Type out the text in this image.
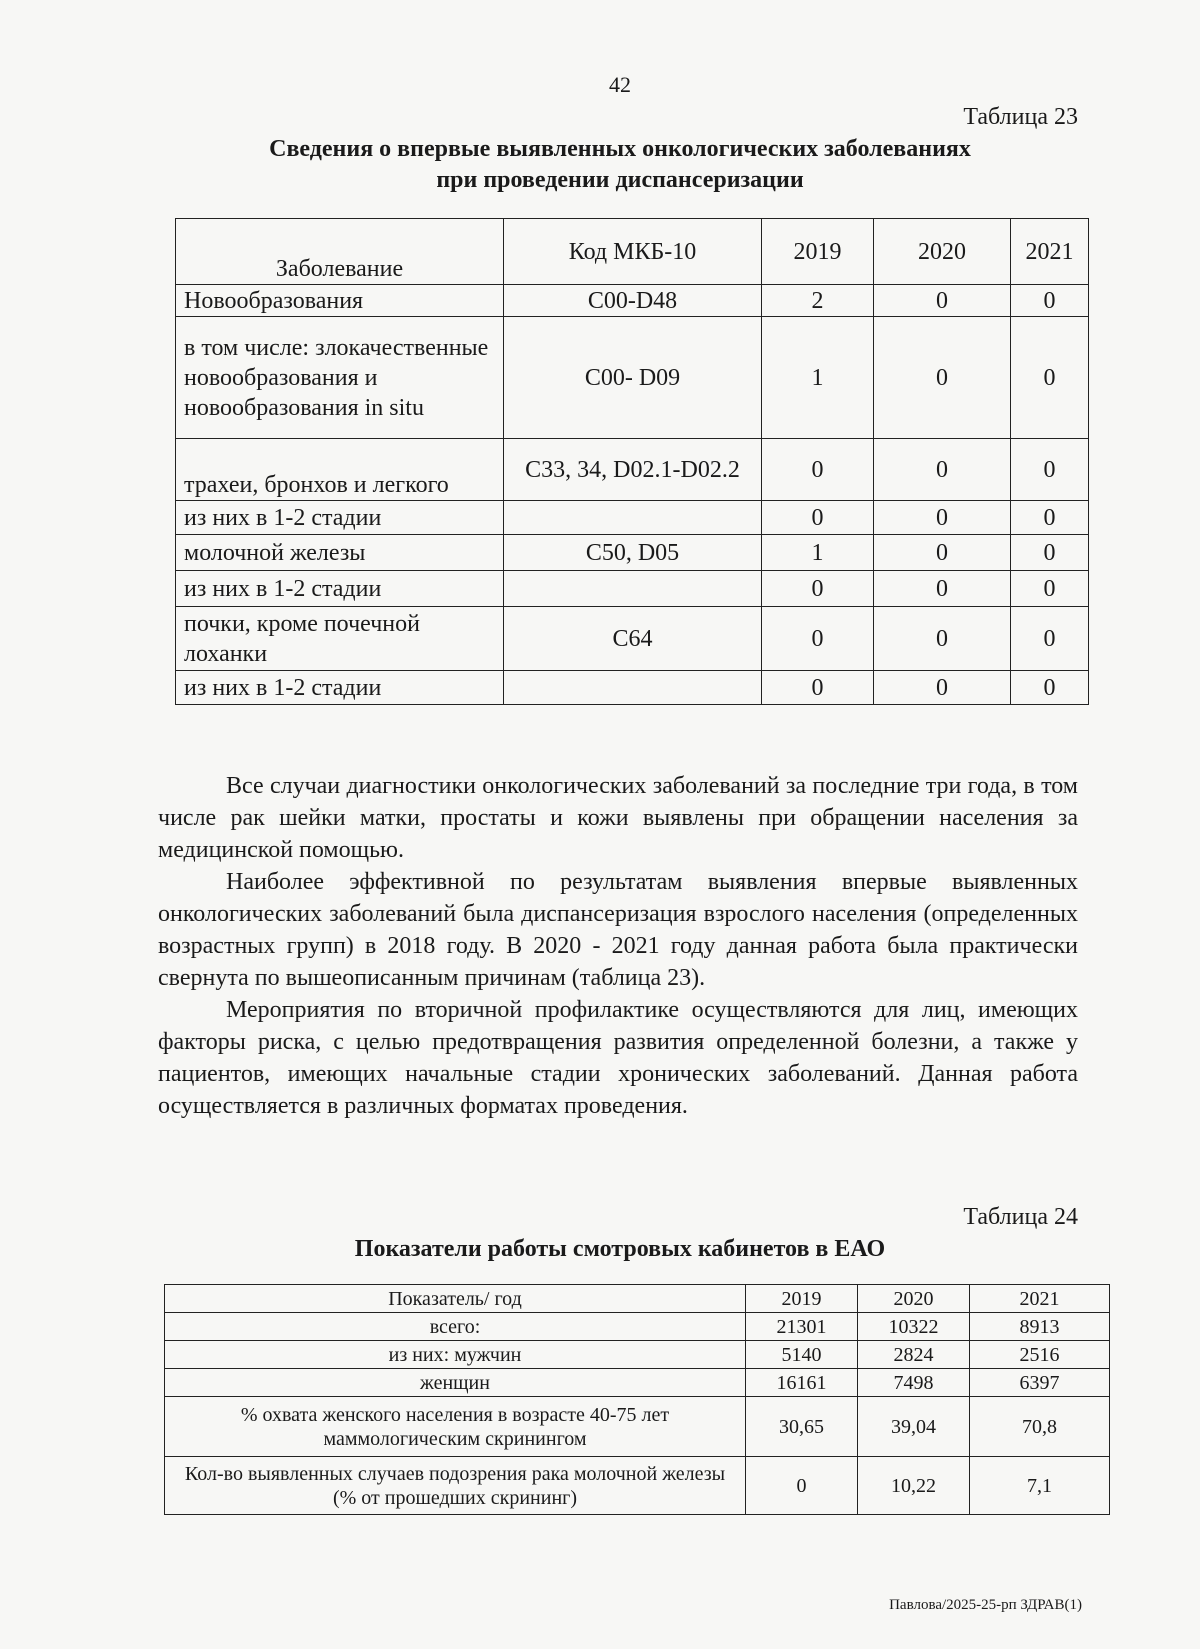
42
Таблица 23
Сведения о впервые выявленных онкологических заболеваниях
при проведении диспансеризации
Заболевание	Код МКБ-10	2019	2020	2021
Новообразования	С00-D48	2	0	0
в том числе: злокачественные новообразования и новообразования in situ	С00- D09	1	0	0
трахеи, бронхов и легкого	С33, 34, D02.1-D02.2	0	0	0
из них в 1-2 стадии		0	0	0
молочной железы	С50, D05	1	0	0
из них в 1-2 стадии		0	0	0
почки, кроме почечной лоханки	С64	0	0	0
из них в 1-2 стадии		0	0	0

Все случаи диагностики онкологических заболеваний за последние три года, в том числе рак шейки матки, простаты и кожи выявлены при обращении населения за медицинской помощью.

Наиболее эффективной по результатам выявления впервые выявленных онкологических заболеваний была диспансеризация взрослого населения (определенных возрастных групп) в 2018 году. В 2020 - 2021 году данная работа была практически свернута по вышеописанным причинам (таблица 23).

Мероприятия по вторичной профилактике осуществляются для лиц, имеющих факторы риска, с целью предотвращения развития определенной болезни, а также у пациентов, имеющих начальные стадии хронических заболеваний. Данная работа осуществляется в различных форматах проведения.

Таблица 24
Показатели работы смотровых кабинетов в ЕАО
Показатель/ год	2019	2020	2021
всего:	21301	10322	8913
из них: мужчин	5140	2824	2516
женщин	16161	7498	6397
% охвата женского населения в возрасте 40-75 лет маммологическим скринингом	30,65	39,04	70,8
Кол-во выявленных случаев подозрения рака молочной железы (% от прошедших скрининг)	0	10,22	7,1
Павлова/2025-25-рп ЗДРАВ(1)
